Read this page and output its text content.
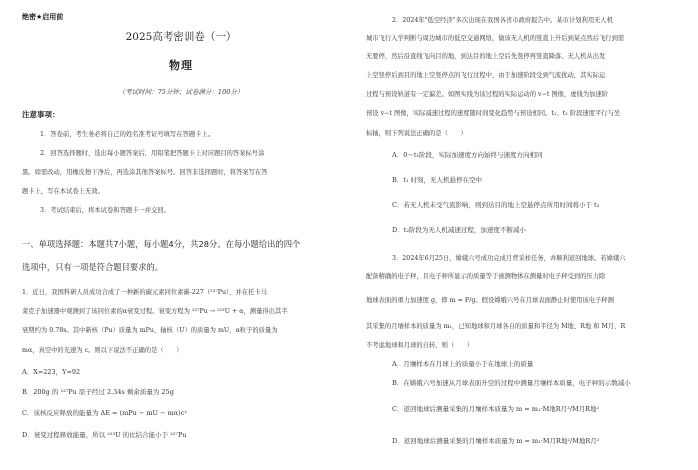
绝密★启用前
2025高考密训卷（一）
物理
（考试时间：75分钟；试卷满分：100分）
注意事项：
1．答卷前，考生务必将自己的姓名准考证号填写在答题卡上。
2．回答选择题时，选出每小题答案后，用铅笔把答题卡上对应题目的答案标号涂
黑。如需改动，用橡皮擦干净后，再选涂其他答案标号。回答非选择题时，将答案写在答
题卡上，写在本试卷上无效。
3．考试结束后，将本试卷和答题卡一并交回。
一、单项选择题：本题共7小题，每小题4分，共28分。在每小题给出的四个
选项中，只有一项是符合题目要求的。
1．近日，我国科研人员成功合成了一种新的碳元素同位素碳-227（²²⁷Pu），并在托卡马
莱克子加速器中观测到了该同位素的α衰变过程。衰变方程为 ²²⁷Pu → ²²³U + α，测量得出其半
衰期约为 0.78s。其中新核（Pu）质量为 mPu，轴核（U）的质量为 mU，α粒子的质量为
mα，真空中的光速为 c。则以下说法不正确的是（　　）
A．X=223，Y=92
B．200g 的 ²²⁷Pu 原子经过 2.34s 剩余质量为 25g
C．该核反应释放的能量为 ΔE = (mPu − mU − mα)c²
D．衰变过程释放能量，所以 ²²³U 的比结合能小于 ²²⁷Pu
2．2024年"低空经济"多次出现在我国各省市政府报告中。某市计划利用无人机
城市飞行入学判断与周边城市的低空交通网络，做该无人机的竖直上升后到某点然后飞行到需
无要停，然后沿直线飞向目的地，到达目的地上空后先竖停再竖直降落。无人机从出发
上空竖停后到目的地上空竖停点的飞行过程中，由于加速阶段受到气流扰动，其实际运
过程与预设轨道有一定偏差。如图实线为该过程的实际运动的 v−t 图像，虚线为加速阶
预设 v−t 图像，实际减速过程的速度随时间变化趋势与预设相同。t₁、t₂ 阶段速度平行与坐
标轴，则下列说法正确的是（　　）
A．0～t₁阶段，实际加速度方向始终与速度方向相同
B．t₁ 时刻，无人机悬停在空中
C．若无人机未受气流影响，则到达目的地上空悬停点所用时间将小于 t₃
D．t₂阶段为无人机减速过程，加速度不断减小
3．2024年6月25日，嫦娥六号成功完成月背采样任务，并顺利返回地球。若嫦娥六
配备精确的电子秤，且电子秤所显示的质量等于被测物体在测量时电子秤受到的压力除
地球表面的重力加速度 g，即 m = F/g。假设嫦娥六号在月球表面静止时使用该电子秤测
其采集的月壤样本的质量为 m₁，已知地球和月球各自的质量和半径为 M地、R地 和 M月、R
不考虑地球和月球的自转，则（　　）
A．月壤样本在月球上的质量小于在地球上的质量
B．在嫦娥六号加速从月球表面升空的过程中测量月壤样本质量，电子秤的示数减小
C．返回地球后测量采集的月壤样本质量为 m = m₁·M地R月²/M月R地²
D．返回地球后测量采集的月壤样本质量为 m = m₁·M月R地²/M地R月²
